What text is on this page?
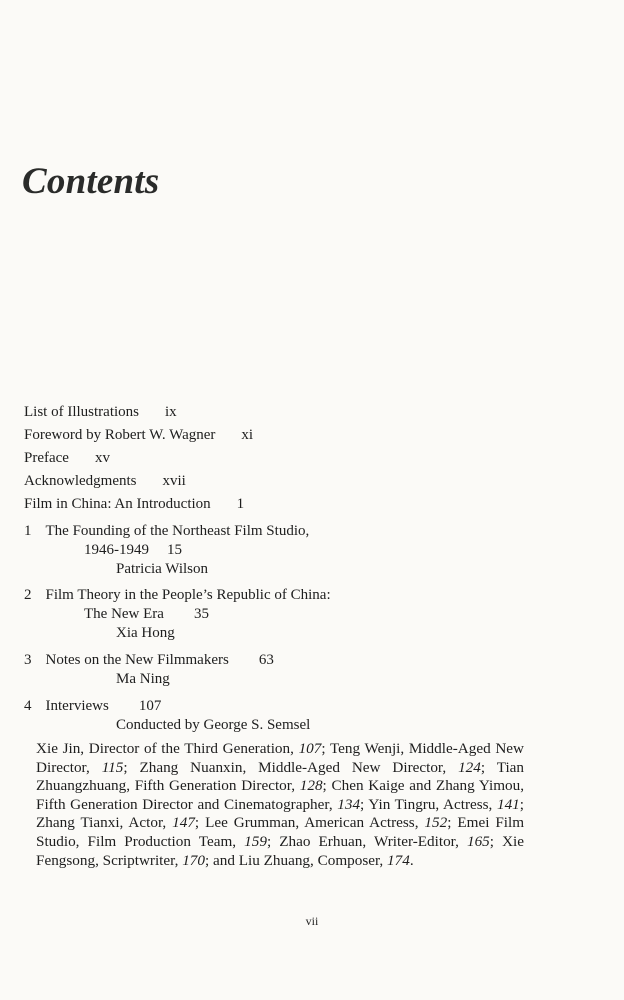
Contents
List of Illustrations ix
Foreword by Robert W. Wagner xi
Preface xv
Acknowledgments xvii
Film in China: An Introduction 1
1 The Founding of the Northeast Film Studio,
1946-1949 15
Patricia Wilson
2 Film Theory in the People’s Republic of China:
The New Era 35
Xia Hong
3 Notes on the New Filmmakers 63
Ma Ning
4 Interviews 107
Conducted by George S. Semsel
Xie Jin, Director of the Third Generation, 107; Teng Wenji, Middle-Aged New Director, 115; Zhang Nuanxin, Middle-Aged New Director, 124; Tian Zhuangzhuang, Fifth Generation Director, 128; Chen Kaige and Zhang Yimou, Fifth Generation Director and Cinematographer, 134; Yin Tingru, Actress, 141; Zhang Tianxi, Actor, 147; Lee Grumman, American Actress, 152; Emei Film Studio, Film Production Team, 159; Zhao Erhuan, Writer-Editor, 165; Xie Fengsong, Scriptwriter, 170; and Liu Zhuang, Composer, 174.
vii
